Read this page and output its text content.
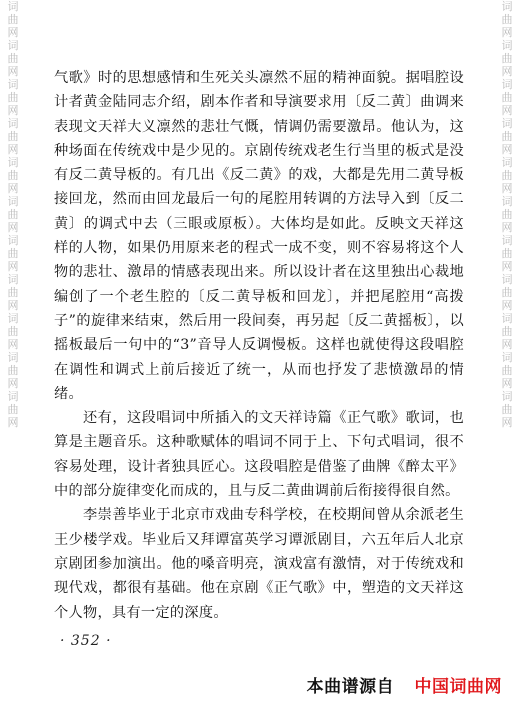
词 曲 网 词 曲 网 词 曲 网 词 曲 网 词 曲 网 词 曲 网 词 曲 网 词 曲 网 词 曲 网 词 曲 网 词 曲 网
词 曲 网 词 曲 网 词 曲 网 词 曲 网 词 曲 网 词 曲 网 词 曲 网 词 曲 网 词 曲 网 词 曲 网 词 曲 网

气歌》时的思想感情和生死关头凛然不屈的精神面貌。据唱腔设计者黄金陆同志介绍，剧本作者和导演要求用〔反二黄〕曲调来表现文天祥大义凛然的悲壮气慨，情调仍需要激昂。他认为，这种场面在传统戏中是少见的。京剧传统戏老生行当里的板式是没有反二黄导板的。有几出《反二黄》的戏，大都是先用二黄导板接回龙，然而由回龙最后一句的尾腔用转调的方法导入到〔反二黄〕的调式中去（三眼或原板）。大体均是如此。反映文天祥这样的人物，如果仍用原来老的程式一成不变，则不容易将这个人物的悲壮、激昂的情感表现出来。所以设计者在这里独出心裁地编创了一个老生腔的〔反二黄导板和回龙〕，并把尾腔用“高拨子”的旋律来结束，然后用一段间奏，再另起〔反二黄摇板〕，以摇板最后一句中的“3”音导人反调慢板。这样也就使得这段唱腔在调性和调式上前后接近了统一，从而也抒发了悲愤激昂的情绪。

还有，这段唱词中所插入的文天祥诗篇《正气歌》歌词，也算是主题音乐。这种歌赋体的唱词不同于上、下句式唱词，很不容易处理，设计者独具匠心。这段唱腔是借鉴了曲牌《醉太平》中的部分旋律变化而成的，且与反二黄曲调前后衔接得很自然。

李崇善毕业于北京市戏曲专科学校，在校期间曾从余派老生王少楼学戏。毕业后又拜谭富英学习谭派剧目，六五年后人北京京剧团参加演出。他的嗓音明亮，演戏富有激情，对于传统戏和现代戏，都很有基础。他在京剧《正气歌》中，塑造的文天祥这个人物，具有一定的深度。

· 352 ·
本曲谱源自 中国词曲网
